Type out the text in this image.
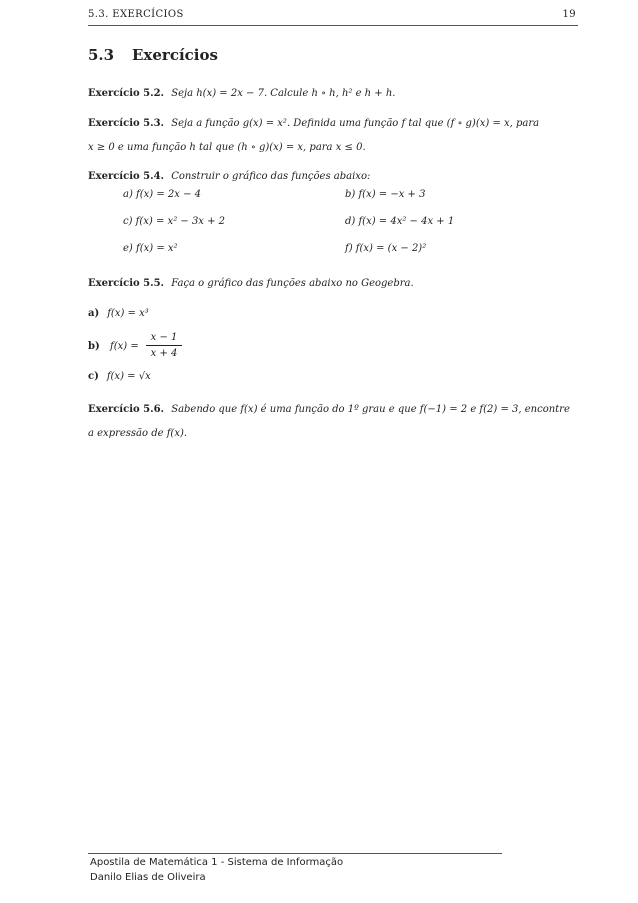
5.3. EXERCÍCIOS	19
5.3 Exercícios
Exercício 5.2. Seja h(x) = 2x − 7. Calcule h ∘ h, h² e h + h.
Exercício 5.3. Seja a função g(x) = x². Definida uma função f tal que (f ∘ g)(x) = x, para
x ≥ 0 e uma função h tal que (h ∘ g)(x) = x, para x ≤ 0.
Exercício 5.4. Construir o gráfico das funções abaixo:
a) f(x) = 2x − 4	b) f(x) = −x + 3
c) f(x) = x² − 3x + 2	d) f(x) = 4x² − 4x + 1
e) f(x) = x²	f) f(x) = (x − 2)²
Exercício 5.5. Faça o gráfico das funções abaixo no Geogebra.
a) f(x) = x³
b) f(x) =
x − 1
x + 4
c) f(x) = √x
Exercício 5.6. Sabendo que f(x) é uma função do 1º grau e que f(−1) = 2 e f(2) = 3, encontre
a expressão de f(x).
Apostila de Matemática 1 - Sistema de Informação
Danilo Elias de Oliveira
